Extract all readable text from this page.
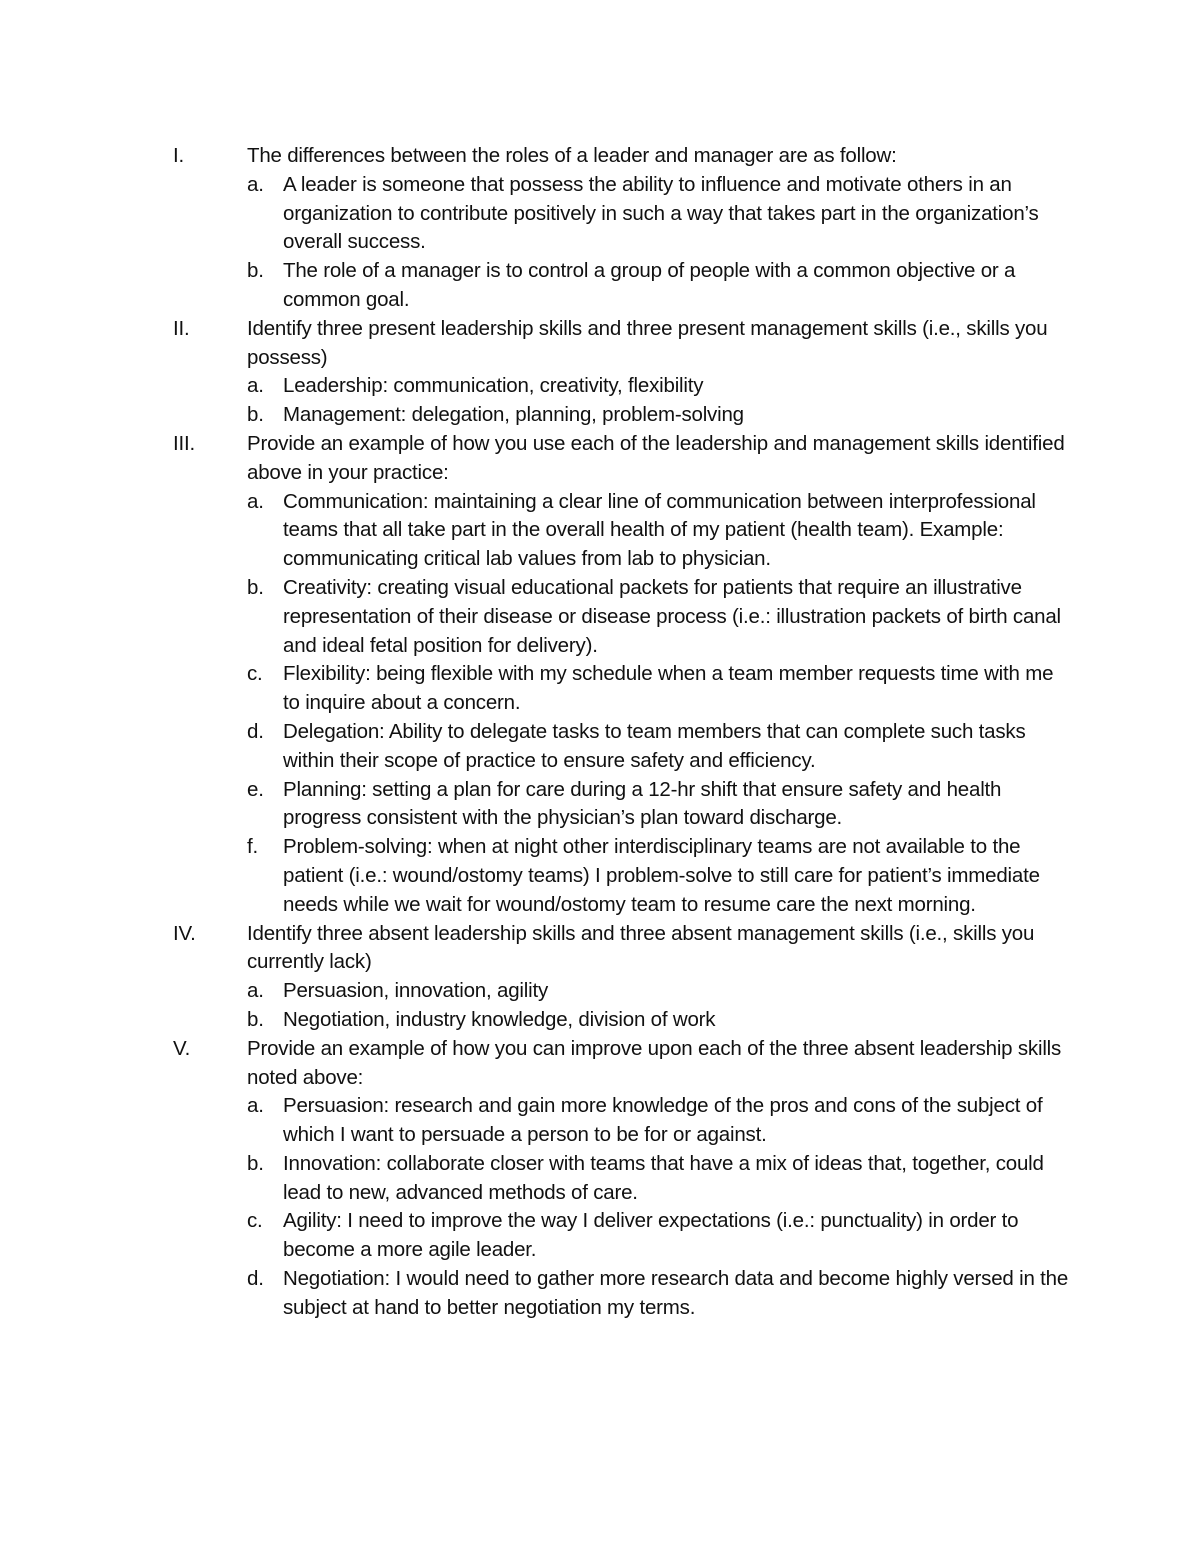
I.	The differences between the roles of a leader and manager are as follow:
a. A leader is someone that possess the ability to influence and motivate others in an organization to contribute positively in such a way that takes part in the organization’s overall success.
b. The role of a manager is to control a group of people with a common objective or a common goal.
II.	Identify three present leadership skills and three present management skills (i.e., skills you possess)
a. Leadership: communication, creativity, flexibility
b. Management: delegation, planning, problem-solving
III.	Provide an example of how you use each of the leadership and management skills identified above in your practice:
a. Communication: maintaining a clear line of communication between interprofessional teams that all take part in the overall health of my patient (health team). Example: communicating critical lab values from lab to physician.
b. Creativity: creating visual educational packets for patients that require an illustrative representation of their disease or disease process (i.e.: illustration packets of birth canal and ideal fetal position for delivery).
c. Flexibility: being flexible with my schedule when a team member requests time with me to inquire about a concern.
d. Delegation: Ability to delegate tasks to team members that can complete such tasks within their scope of practice to ensure safety and efficiency.
e. Planning: setting a plan for care during a 12-hr shift that ensure safety and health progress consistent with the physician’s plan toward discharge.
f.	Problem-solving: when at night other interdisciplinary teams are not available to the patient (i.e.: wound/ostomy teams) I problem-solve to still care for patient’s immediate needs while we wait for wound/ostomy team to resume care the next morning.
IV.	Identify three absent leadership skills and three absent management skills (i.e., skills you currently lack)
a. Persuasion, innovation, agility
b. Negotiation, industry knowledge, division of work
V.	Provide an example of how you can improve upon each of the three absent leadership skills noted above:
a. Persuasion: research and gain more knowledge of the pros and cons of the subject of which I want to persuade a person to be for or against.
b. Innovation: collaborate closer with teams that have a mix of ideas that, together, could lead to new, advanced methods of care.
c. Agility: I need to improve the way I deliver expectations (i.e.: punctuality) in order to become a more agile leader.
d. Negotiation: I would need to gather more research data and become highly versed in the subject at hand to better negotiation my terms.
